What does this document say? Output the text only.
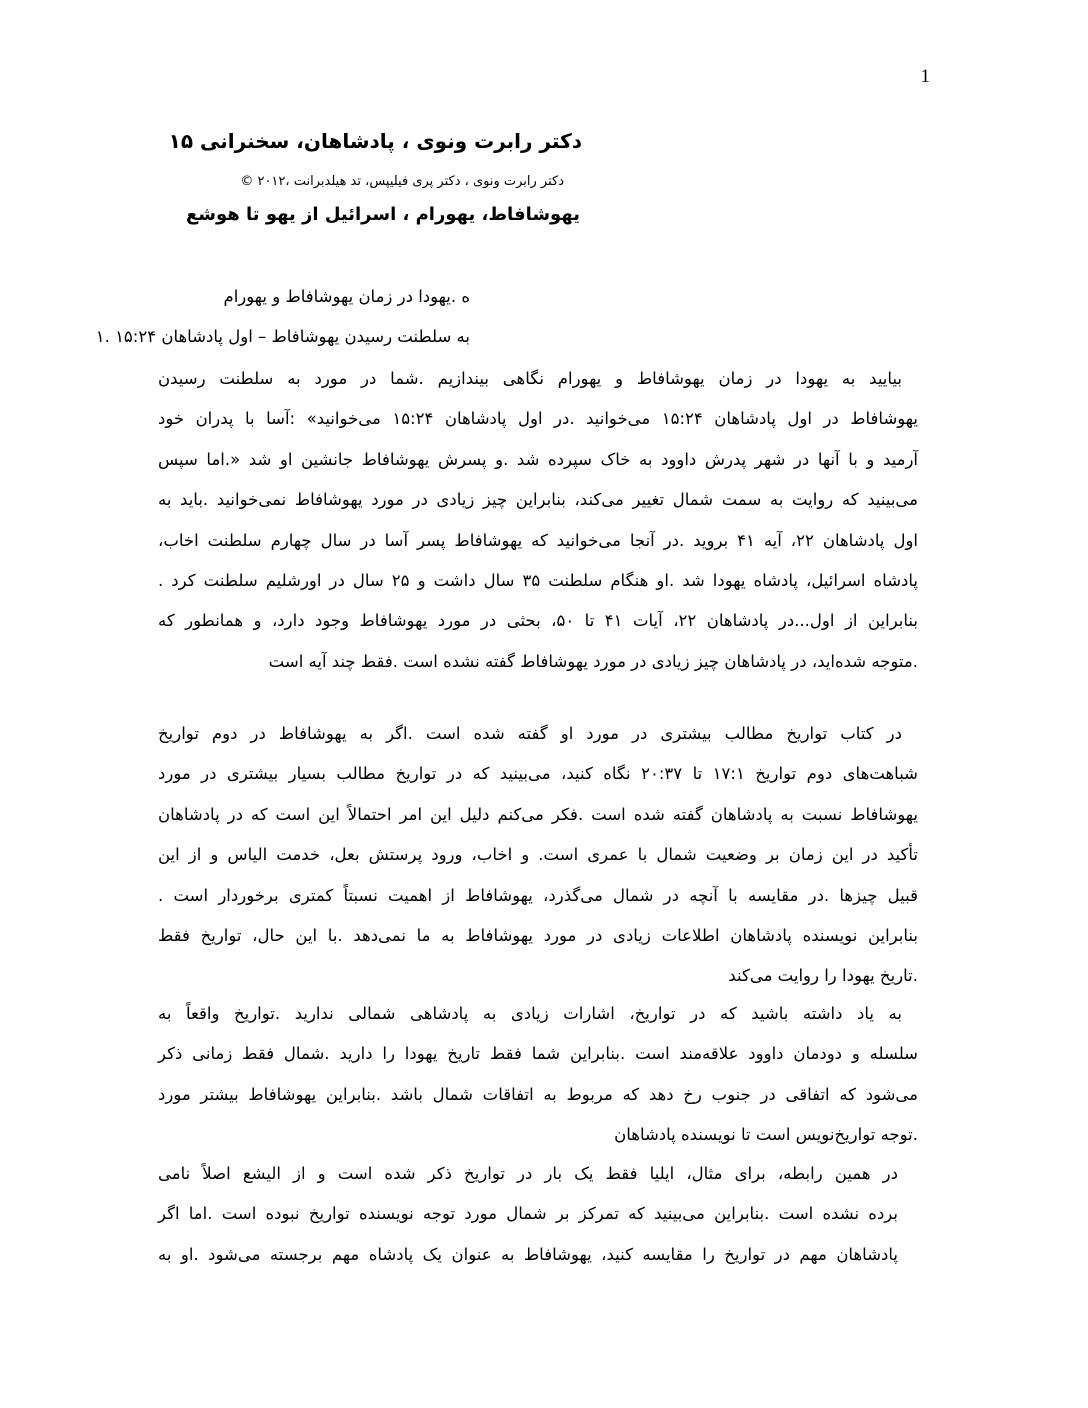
1
دکتر رابرت ونوی ، پادشاهان، سخنرانی ۱۵
دکتر رابرت ونوی ، دکتر پری فیلیپس، تد هیلدبرانت ،۲۰۱۲ ©
یهوشافاط، یهورام ، اسرائیل از یهو تا هوشع
ه .یهودا در زمان یهوشافاط و یهورام
به سلطنت رسیدن یهوشافاط – اول پادشاهان ۱۵:۲۴ .۱
بیایید به یهودا در زمان یهوشافاط و یهورام نگاهی بیندازیم .شما در مورد به سلطنت رسیدن
یهوشافاط در اول پادشاهان ۱۵:۲۴ می‌خوانید .در اول پادشاهان ۱۵:۲۴ می‌خوانید» :آسا با پدران خود
آرمید و با آنها در شهر پدرش داوود به خاک سپرده شد .و پسرش یهوشافاط جانشین او شد «.اما سپس
می‌بینید که روایت به سمت شمال تغییر می‌کند، بنابراین چیز زیادی در مورد یهوشافاط نمی‌خوانید .باید به
اول پادشاهان ۲۲، آیه ۴۱ بروید .در آنجا می‌خوانید که یهوشافاط پسر آسا در سال چهارم سلطنت اخاب،
پادشاه اسرائیل، پادشاه یهودا شد .او هنگام سلطنت ۳۵ سال داشت و ۲۵ سال در اورشلیم سلطنت کرد .
بنابراین از اول...در پادشاهان ۲۲، آیات ۴۱ تا ۵۰، بحثی در مورد یهوشافاط وجود دارد، و همانطور که
.متوجه شده‌اید، در پادشاهان چیز زیادی در مورد یهوشافاط گفته نشده است .فقط چند آیه است
در کتاب تواریخ مطالب بیشتری در مورد او گفته شده است .اگر به یهوشافاط در دوم تواریخ
شباهت‌های دوم تواریخ ۱۷:۱ تا ۲۰:۳۷ نگاه کنید، می‌بینید که در تواریخ مطالب بسیار بیشتری در مورد
یهوشافاط نسبت به پادشاهان گفته شده است .فکر می‌کنم دلیل این امر احتمالاً این است که در پادشاهان
تأکید در این زمان بر وضعیت شمال با عمری است. و اخاب، ورود پرستش بعل، خدمت الیاس و از این
قبیل چیزها .در مقایسه با آنچه در شمال می‌گذرد، یهوشافاط از اهمیت نسبتاً کمتری برخوردار است .
بنابراین نویسنده پادشاهان اطلاعات زیادی در مورد یهوشافاط به ما نمی‌دهد .با این حال، تواریخ فقط
.تاریخ یهودا را روایت می‌کند
به یاد داشته باشید که در تواریخ، اشارات زیادی به پادشاهی شمالی ندارید .تواریخ واقعاً به
سلسله و دودمان داوود علاقه‌مند است .بنابراین شما فقط تاریخ یهودا را دارید .شمال فقط زمانی ذکر
می‌شود که اتفاقی در جنوب رخ دهد که مربوط به اتفاقات شمال باشد .بنابراین یهوشافاط بیشتر مورد
.توجه تواریخ‌نویس است تا نویسنده پادشاهان
در همین رابطه، برای مثال، ایلیا فقط یک بار در تواریخ ذکر شده است و از الیشع اصلاً نامی
برده نشده است .بنابراین می‌بینید که تمرکز بر شمال مورد توجه نویسنده تواریخ نبوده است .اما اگر
پادشاهان مهم در تواریخ را مقایسه کنید، یهوشافاط به عنوان یک پادشاه مهم برجسته می‌شود .او به
